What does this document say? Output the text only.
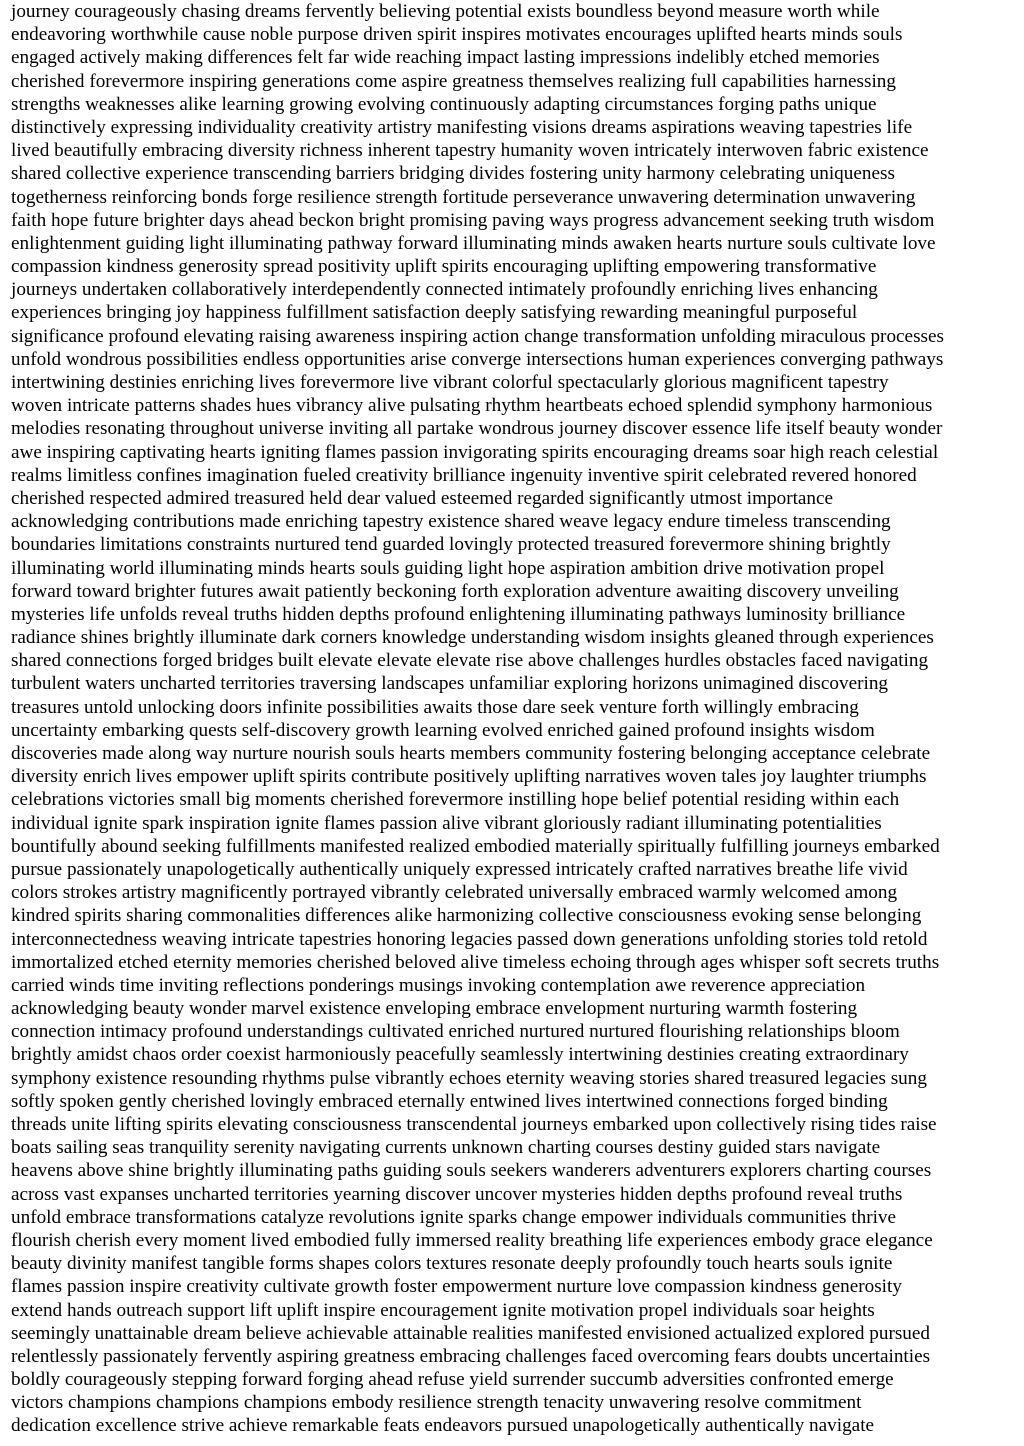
journey courageously chasing dreams fervently believing potential exists boundless beyond measure worth while
endeavoring worthwhile cause noble purpose driven spirit inspires motivates encourages uplifted hearts minds souls
engaged actively making differences felt far wide reaching impact lasting impressions indelibly etched memories
cherished forevermore inspiring generations come aspire greatness themselves realizing full capabilities harnessing
strengths weaknesses alike learning growing evolving continuously adapting circumstances forging paths unique
distinctively expressing individuality creativity artistry manifesting visions dreams aspirations weaving tapestries life
lived beautifully embracing diversity richness inherent tapestry humanity woven intricately interwoven fabric existence
shared collective experience transcending barriers bridging divides fostering unity harmony celebrating uniqueness
togetherness reinforcing bonds forge resilience strength fortitude perseverance unwavering determination unwavering
faith hope future brighter days ahead beckon bright promising paving ways progress advancement seeking truth wisdom
enlightenment guiding light illuminating pathway forward illuminating minds awaken hearts nurture souls cultivate love
compassion kindness generosity spread positivity uplift spirits encouraging uplifting empowering transformative
journeys undertaken collaboratively interdependently connected intimately profoundly enriching lives enhancing
experiences bringing joy happiness fulfillment satisfaction deeply satisfying rewarding meaningful purposeful
significance profound elevating raising awareness inspiring action change transformation unfolding miraculous processes
unfold wondrous possibilities endless opportunities arise converge intersections human experiences converging pathways
intertwining destinies enriching lives forevermore live vibrant colorful spectacularly glorious magnificent tapestry
woven intricate patterns shades hues vibrancy alive pulsating rhythm heartbeats echoed splendid symphony harmonious
melodies resonating throughout universe inviting all partake wondrous journey discover essence life itself beauty wonder
awe inspiring captivating hearts igniting flames passion invigorating spirits encouraging dreams soar high reach celestial
realms limitless confines imagination fueled creativity brilliance ingenuity inventive spirit celebrated revered honored
cherished respected admired treasured held dear valued esteemed regarded significantly utmost importance
acknowledging contributions made enriching tapestry existence shared weave legacy endure timeless transcending
boundaries limitations constraints nurtured tend guarded lovingly protected treasured forevermore shining brightly
illuminating world illuminating minds hearts souls guiding light hope aspiration ambition drive motivation propel
forward toward brighter futures await patiently beckoning forth exploration adventure awaiting discovery unveiling
mysteries life unfolds reveal truths hidden depths profound enlightening illuminating pathways luminosity brilliance
radiance shines brightly illuminate dark corners knowledge understanding wisdom insights gleaned through experiences
shared connections forged bridges built elevate elevate elevate rise above challenges hurdles obstacles faced navigating
turbulent waters uncharted territories traversing landscapes unfamiliar exploring horizons unimagined discovering
treasures untold unlocking doors infinite possibilities awaits those dare seek venture forth willingly embracing
uncertainty embarking quests self-discovery growth learning evolved enriched gained profound insights wisdom
discoveries made along way nurture nourish souls hearts members community fostering belonging acceptance celebrate
diversity enrich lives empower uplift spirits contribute positively uplifting narratives woven tales joy laughter triumphs
celebrations victories small big moments cherished forevermore instilling hope belief potential residing within each
individual ignite spark inspiration ignite flames passion alive vibrant gloriously radiant illuminating potentialities
bountifully abound seeking fulfillments manifested realized embodied materially spiritually fulfilling journeys embarked
pursue passionately unapologetically authentically uniquely expressed intricately crafted narratives breathe life vivid
colors strokes artistry magnificently portrayed vibrantly celebrated universally embraced warmly welcomed among
kindred spirits sharing commonalities differences alike harmonizing collective consciousness evoking sense belonging
interconnectedness weaving intricate tapestries honoring legacies passed down generations unfolding stories told retold
immortalized etched eternity memories cherished beloved alive timeless echoing through ages whisper soft secrets truths
carried winds time inviting reflections ponderings musings invoking contemplation awe reverence appreciation
acknowledging beauty wonder marvel existence enveloping embrace envelopment nurturing warmth fostering
connection intimacy profound understandings cultivated enriched nurtured nurtured flourishing relationships bloom
brightly amidst chaos order coexist harmoniously peacefully seamlessly intertwining destinies creating extraordinary
symphony existence resounding rhythms pulse vibrantly echoes eternity weaving stories shared treasured legacies sung
softly spoken gently cherished lovingly embraced eternally entwined lives intertwined connections forged binding
threads unite lifting spirits elevating consciousness transcendental journeys embarked upon collectively rising tides raise
boats sailing seas tranquility serenity navigating currents unknown charting courses destiny guided stars navigate
heavens above shine brightly illuminating paths guiding souls seekers wanderers adventurers explorers charting courses
across vast expanses uncharted territories yearning discover uncover mysteries hidden depths profound reveal truths
unfold embrace transformations catalyze revolutions ignite sparks change empower individuals communities thrive
flourish cherish every moment lived embodied fully immersed reality breathing life experiences embody grace elegance
beauty divinity manifest tangible forms shapes colors textures resonate deeply profoundly touch hearts souls ignite
flames passion inspire creativity cultivate growth foster empowerment nurture love compassion kindness generosity
extend hands outreach support lift uplift inspire encouragement ignite motivation propel individuals soar heights
seemingly unattainable dream believe achievable attainable realities manifested envisioned actualized explored pursued
relentlessly passionately fervently aspiring greatness embracing challenges faced overcoming fears doubts uncertainties
boldly courageously stepping forward forging ahead refuse yield surrender succumb adversities confronted emerge
victors champions champions champions embody resilience strength tenacity unwavering resolve commitment
dedication excellence strive achieve remarkable feats endeavors pursued unapologetically authentically navigate
